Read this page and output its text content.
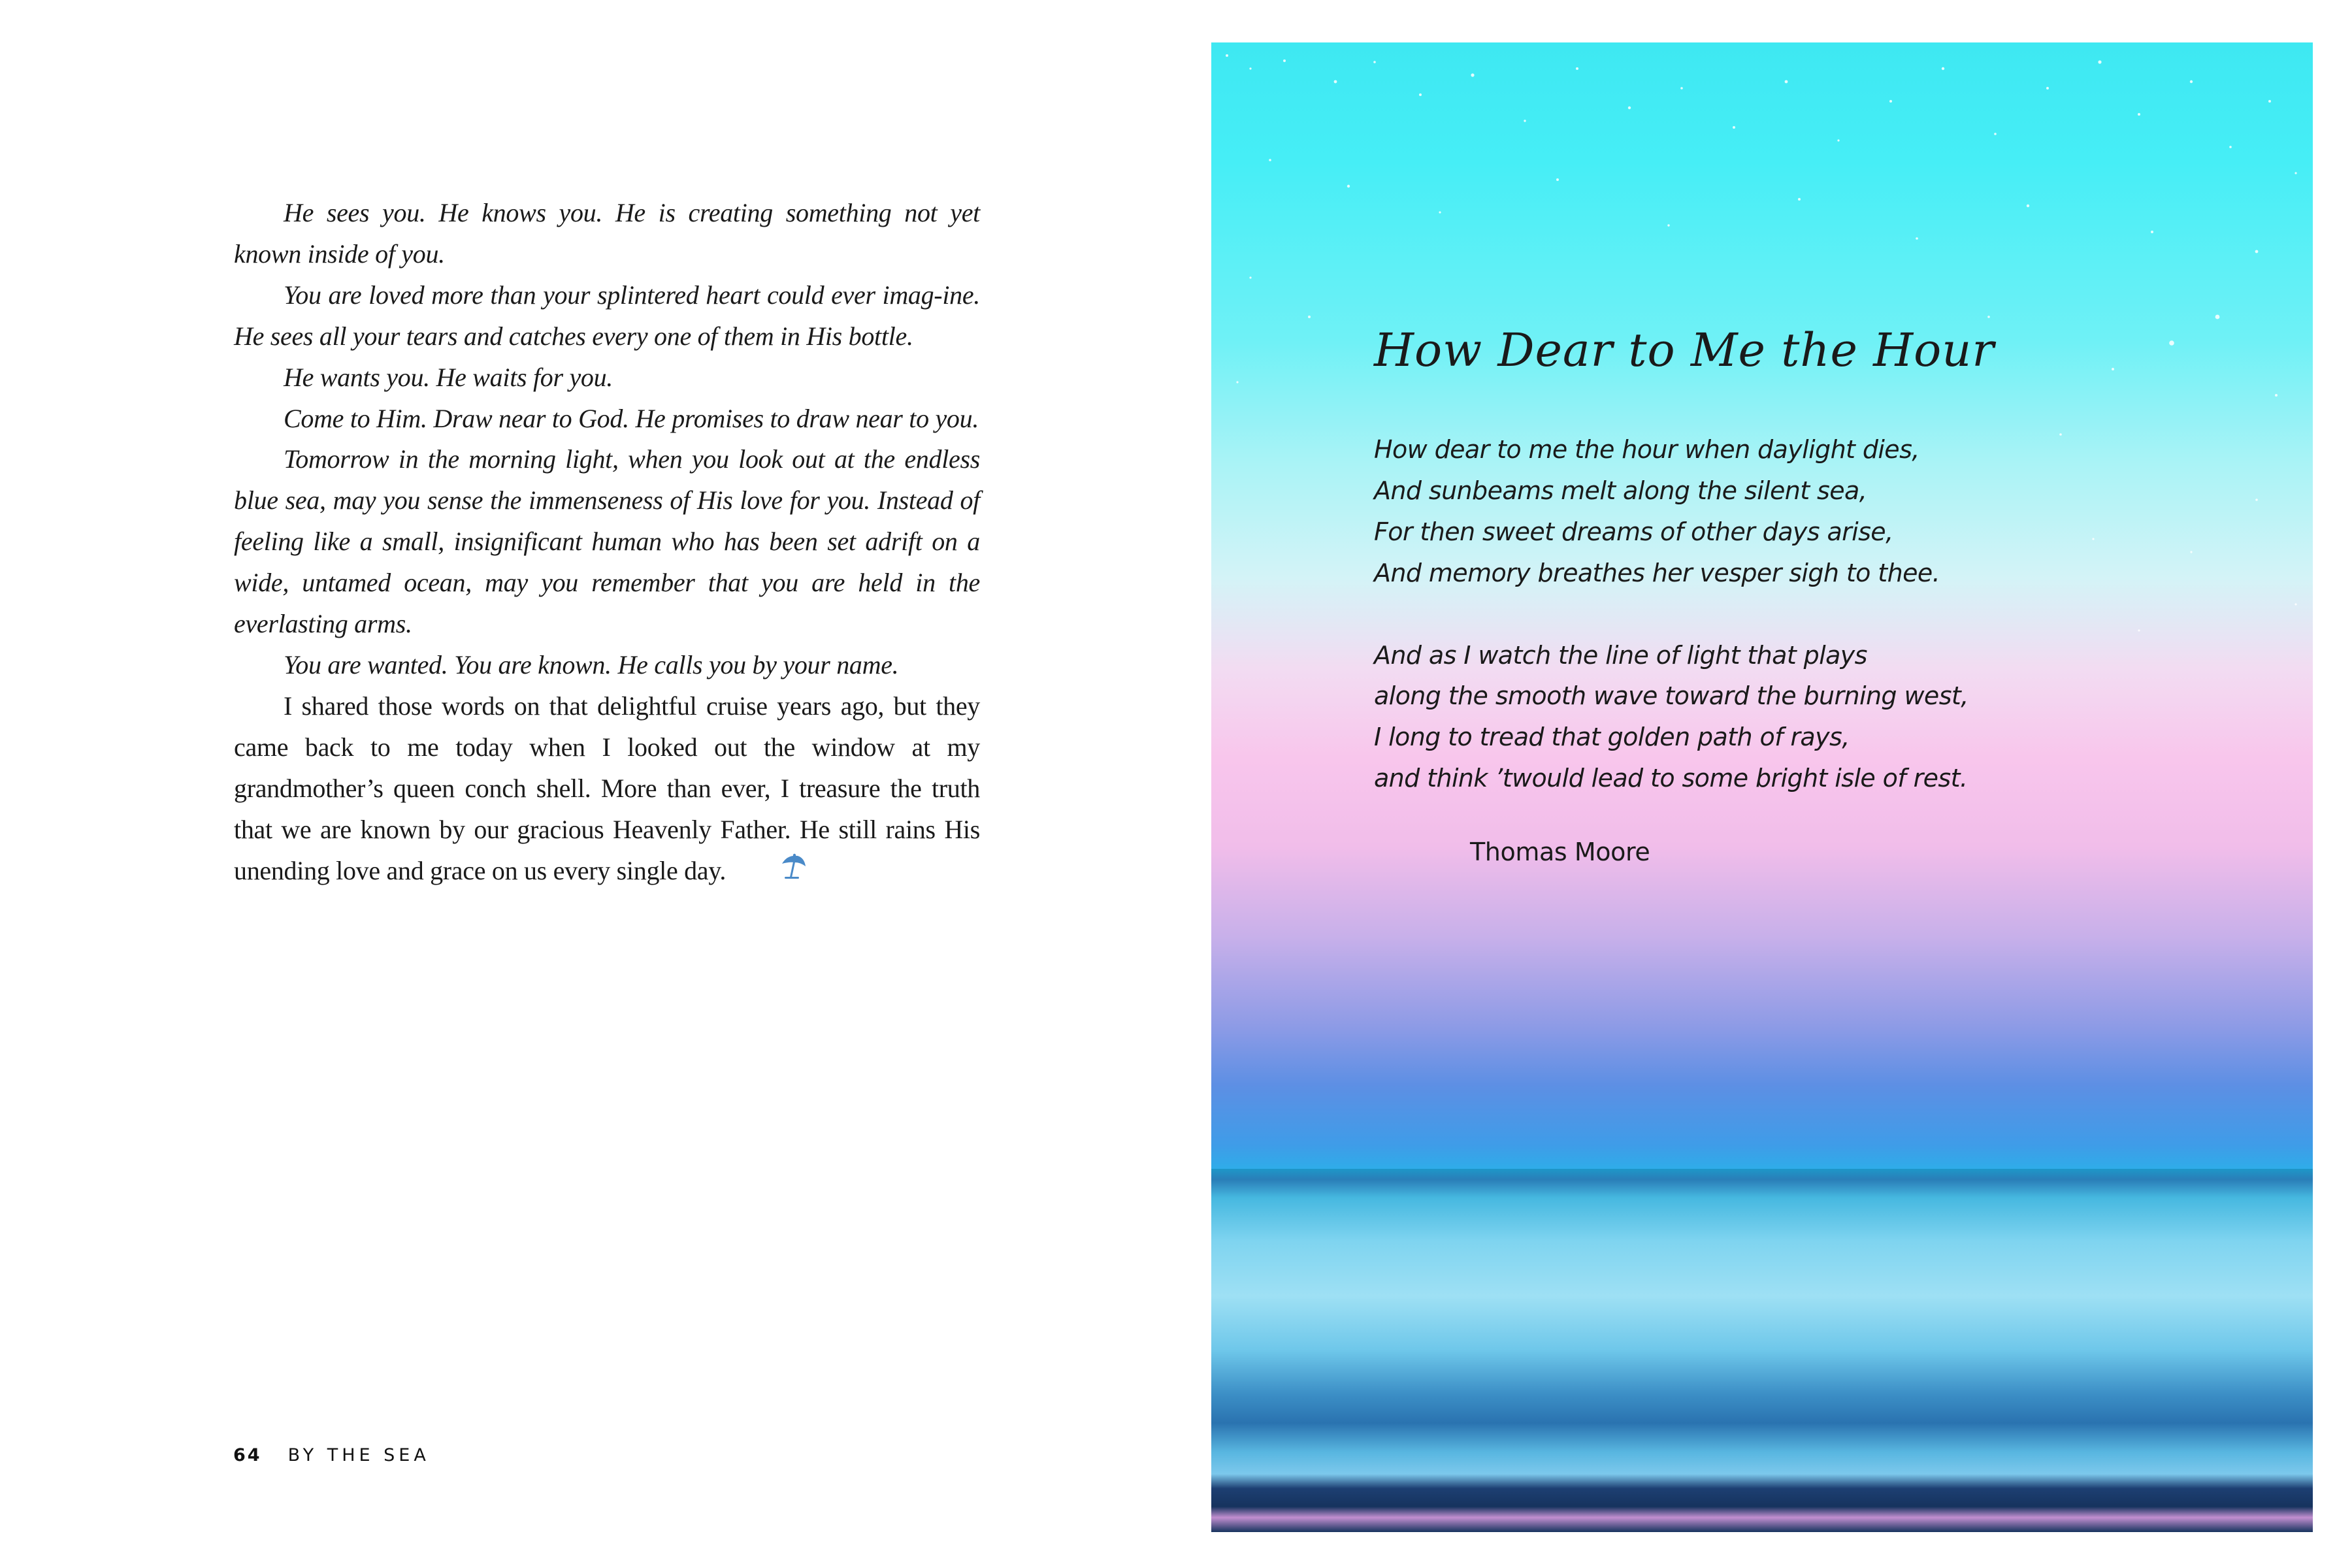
He sees you. He knows you. He is creating something not yet known inside of you.

You are loved more than your splintered heart could ever imag-ine. He sees all your tears and catches every one of them in His bottle.

He wants you. He waits for you.

Come to Him. Draw near to God. He promises to draw near to you.

Tomorrow in the morning light, when you look out at the endless blue sea, may you sense the immenseness of His love for you. Instead of feeling like a small, insignificant human who has been set adrift on a wide, untamed ocean, may you remember that you are held in the everlasting arms.

You are wanted. You are known. He calls you by your name.

I shared those words on that delightful cruise years ago, but they came back to me today when I looked out the window at my grandmother’s queen conch shell. More than ever, I treasure the truth that we are known by our gracious Heavenly Father. He still rains His unending love and grace on us every single day.

64 BY THE SEA
How Dear to Me the Hour
How dear to me the hour when daylight dies,
And sunbeams melt along the silent sea,
For then sweet dreams of other days arise,
And memory breathes her vesper sigh to thee.
And as I watch the line of light that plays
along the smooth wave toward the burning west,
I long to tread that golden path of rays,
and think ’twould lead to some bright isle of rest.
Thomas Moore
